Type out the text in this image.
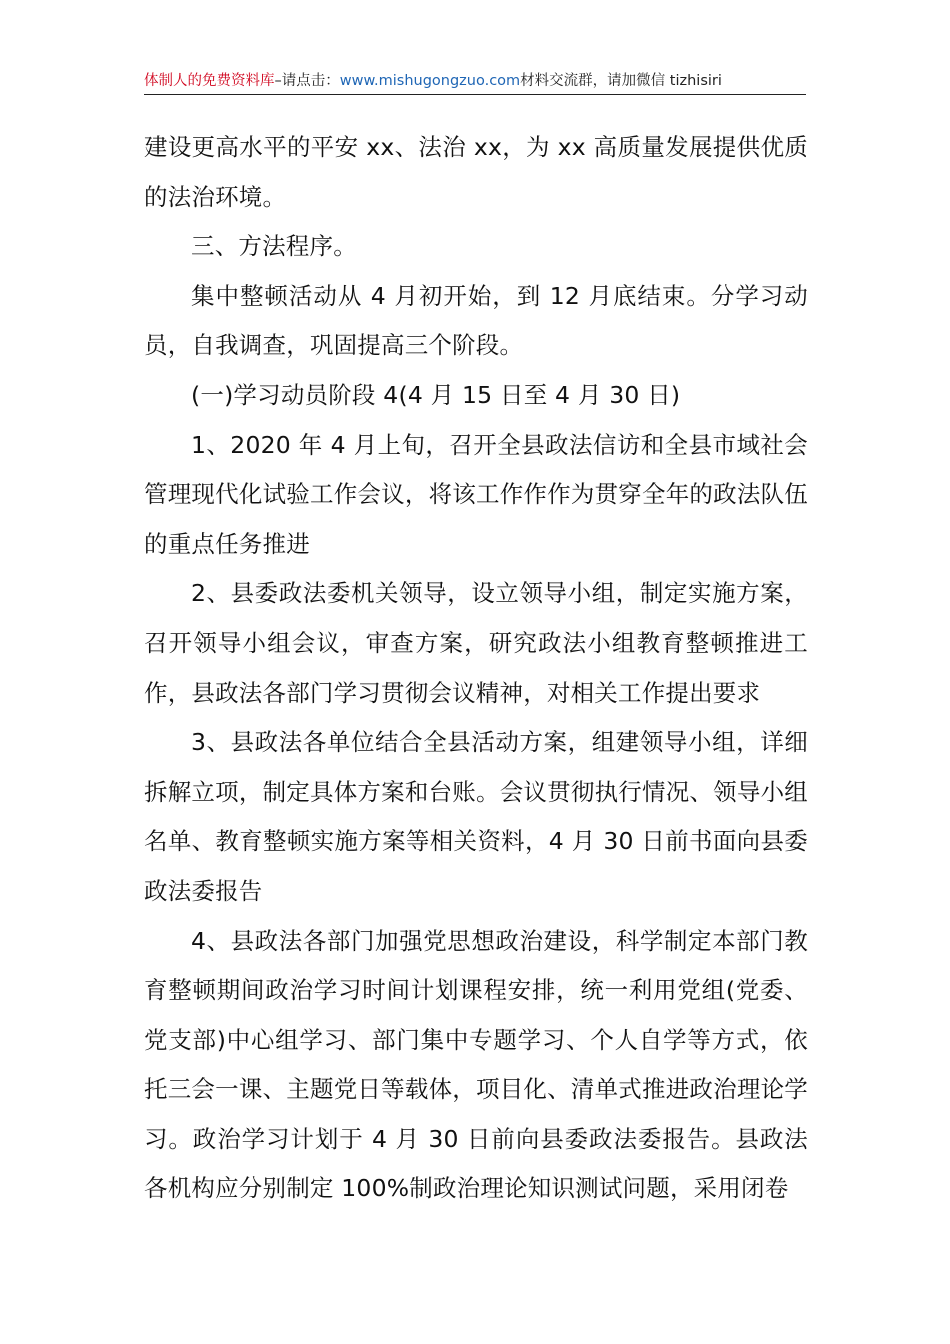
体制人的免费资料库–请点击：www.mishugongzuo.com材料交流群，请加微信 tizhisiri

建设更高水平的平安 xx、法治 xx，为 xx 高质量发展提供优质的法治环境。

三、方法程序。

集中整顿活动从 4 月初开始，到 12 月底结束。分学习动员，自我调查，巩固提高三个阶段。

(一)学习动员阶段 4(4 月 15 日至 4 月 30 日)

1、2020 年 4 月上旬，召开全县政法信访和全县市域社会管理现代化试验工作会议，将该工作作作为贯穿全年的政法队伍的重点任务推进

2、县委政法委机关领导，设立领导小组，制定实施方案，召开领导小组会议，审查方案，研究政法小组教育整顿推进工作，县政法各部门学习贯彻会议精神，对相关工作提出要求

3、县政法各单位结合全县活动方案，组建领导小组，详细拆解立项，制定具体方案和台账。会议贯彻执行情况、领导小组名单、教育整顿实施方案等相关资料，4 月 30 日前书面向县委政法委报告

4、县政法各部门加强党思想政治建设，科学制定本部门教育整顿期间政治学习时间计划课程安排，统一利用党组(党委、党支部)中心组学习、部门集中专题学习、个人自学等方式，依托三会一课、主题党日等载体，项目化、清单式推进政治理论学习。政治学习计划于 4 月 30 日前向县委政法委报告。县政法各机构应分别制定 100%制政治理论知识测试问题，采用闭卷
